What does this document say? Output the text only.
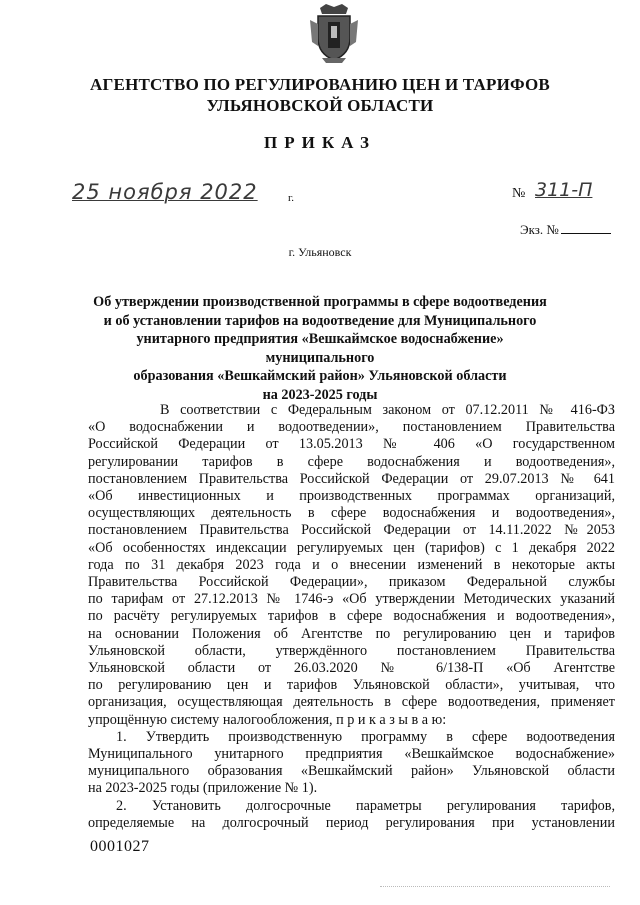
АГЕНТСТВО ПО РЕГУЛИРОВАНИЮ ЦЕН И ТАРИФОВ
УЛЬЯНОВСКОЙ ОБЛАСТИ
ПРИКАЗ
25 ноября 2022	г.	№ 311-П
Экз. №
г. Ульяновск
Об утверждении производственной программы в сфере водоотведения
и об установлении тарифов на водоотведение для Муниципального
унитарного предприятия «Вешкаймское водоснабжение» муниципального
образования «Вешкаймский район» Ульяновской области
на 2023-2025 годы
В соответствии с Федеральным законом от 07.12.2011 № 416-ФЗ
«О водоснабжении и водоотведении», постановлением Правительства
Российской Федерации от 13.05.2013 № 406 «О государственном
регулировании тарифов в сфере водоснабжения и водоотведения»,
постановлением Правительства Российской Федерации от 29.07.2013 № 641
«Об инвестиционных и производственных программах организаций,
осуществляющих деятельность в сфере водоснабжения и водоотведения»,
постановлением Правительства Российской Федерации от 14.11.2022 №2053
«Об особенностях индексации регулируемых цен (тарифов) с 1 декабря 2022
года по 31 декабря 2023 года и о внесении изменений в некоторые акты
Правительства Российской Федерации», приказом Федеральной службы
по тарифам от 27.12.2013 № 1746-э «Об утверждении Методических указаний
по расчёту регулируемых тарифов в сфере водоснабжения и водоотведения»,
на основании Положения об Агентстве по регулированию цен и тарифов
Ульяновской области, утверждённого постановлением Правительства
Ульяновской области от 26.03.2020 № 6/138-П «Об Агентстве
по регулированию цен и тарифов Ульяновской области», учитывая, что
организация, осуществляющая деятельность в сфере водоотведения, применяет
упрощённую систему налогообложения, п р и к а з ы в а ю:
1. Утвердить производственную программу в сфере водоотведения
Муниципального унитарного предприятия «Вешкаймское водоснабжение»
муниципального образования «Вешкаймский район» Ульяновской области
на 2023-2025 годы (приложение № 1).
2. Установить долгосрочные параметры регулирования тарифов,
определяемые на долгосрочный период регулирования при установлении
0001027
